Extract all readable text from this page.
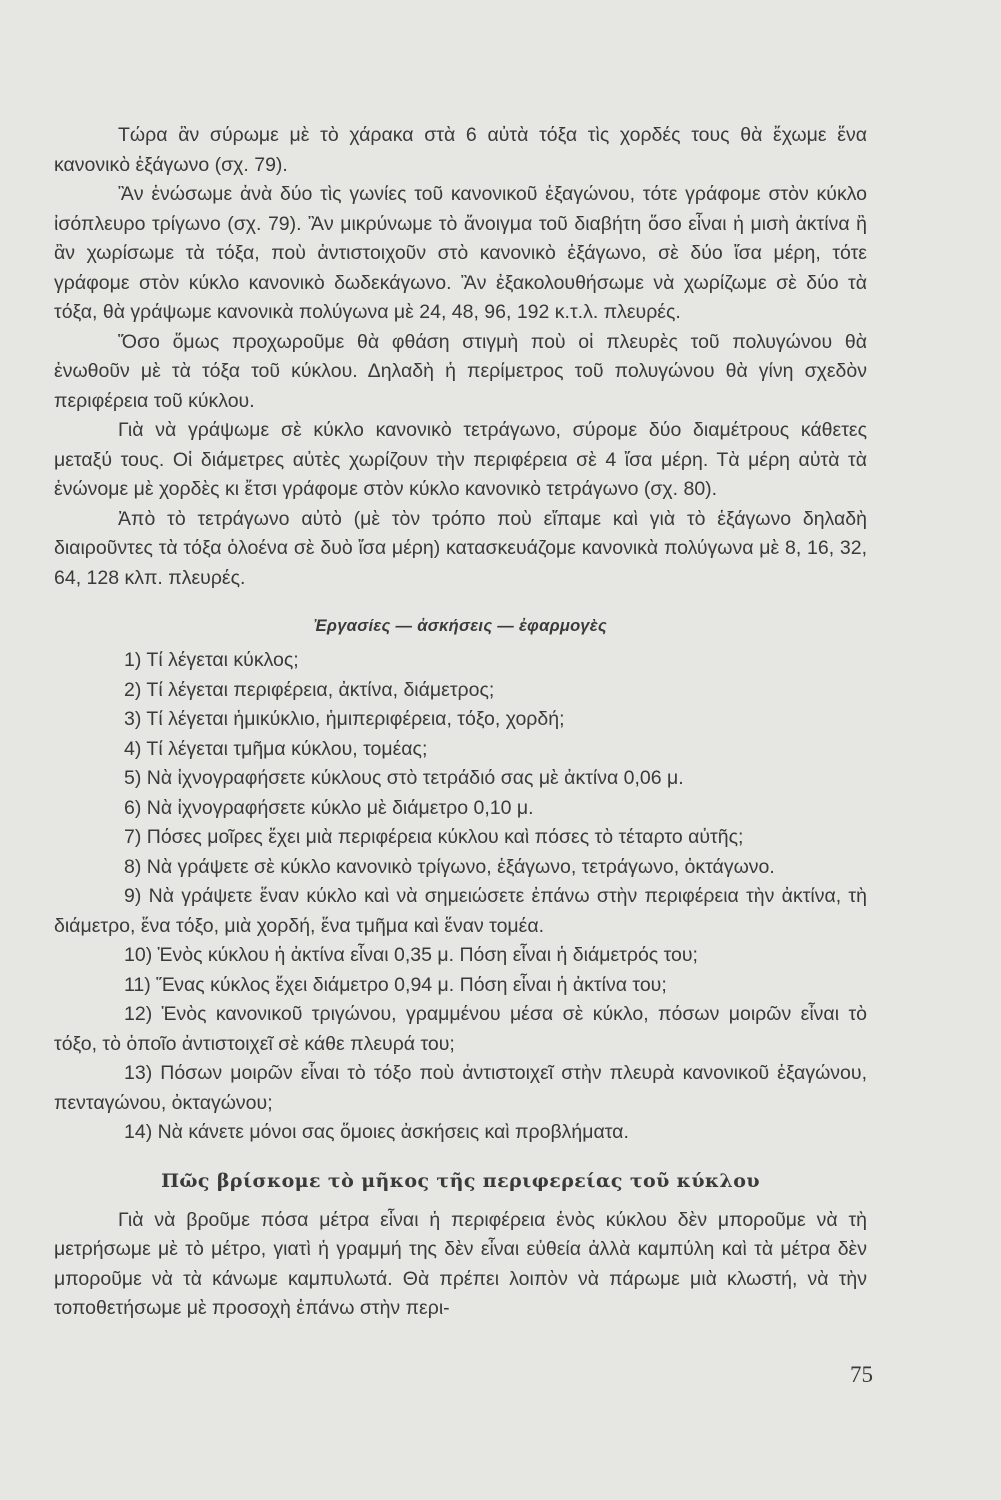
Τώρα ἂν σύρωμε μὲ τὸ χάρακα στὰ 6 αὐτὰ τόξα τὶς χορδές τους θὰ ἔχωμε ἕνα κανονικὸ ἑξάγωνο (σχ. 79).

Ἂν ἑνώσωμε ἀνὰ δύο τὶς γωνίες τοῦ κανονικοῦ ἑξαγώνου, τότε γράφομε στὸν κύκλο ἰσόπλευρο τρίγωνο (σχ. 79). Ἂν μικρύνωμε τὸ ἄνοιγμα τοῦ διαβήτη ὅσο εἶναι ἡ μισὴ ἀκτίνα ἢ ἂν χωρίσωμε τὰ τόξα, ποὺ ἀντιστοιχοῦν στὸ κανονικὸ ἑξάγωνο, σὲ δύο ἴσα μέρη, τότε γράφομε στὸν κύκλο κανονικὸ δωδεκάγωνο. Ἂν ἐξακολουθήσωμε νὰ χωρίζωμε σὲ δύο τὰ τόξα, θὰ γράψωμε κανονικὰ πολύγωνα μὲ 24, 48, 96, 192 κ.τ.λ. πλευρές.

Ὅσο ὅμως προχωροῦμε θὰ φθάση στιγμὴ ποὺ οἱ πλευρὲς τοῦ πολυγώνου θὰ ἑνωθοῦν μὲ τὰ τόξα τοῦ κύκλου. Δηλαδὴ ἡ περίμετρος τοῦ πολυγώνου θὰ γίνη σχεδὸν περιφέρεια τοῦ κύκλου.

Γιὰ νὰ γράψωμε σὲ κύκλο κανονικὸ τετράγωνο, σύρομε δύο διαμέτρους κάθετες μεταξύ τους. Οἱ διάμετρες αὐτὲς χωρίζουν τὴν περιφέρεια σὲ 4 ἴσα μέρη. Τὰ μέρη αὐτὰ τὰ ἑνώνομε μὲ χορδὲς κι ἔτσι γράφομε στὸν κύκλο κανονικὸ τετράγωνο (σχ. 80).

Ἀπὸ τὸ τετράγωνο αὐτὸ (μὲ τὸν τρόπο ποὺ εἴπαμε καὶ γιὰ τὸ ἑξάγωνο δηλαδὴ διαιροῦντες τὰ τόξα ὁλοένα σὲ δυὸ ἴσα μέρη) κατασκευάζομε κανονικὰ πολύγωνα μὲ 8, 16, 32, 64, 128 κλπ. πλευρές.

Ἐργασίες — ἀσκήσεις — ἐφαρμογὲς

1) Τί λέγεται κύκλος;

2) Τί λέγεται περιφέρεια, ἀκτίνα, διάμετρος;

3) Τί λέγεται ἡμικύκλιο, ἡμιπεριφέρεια, τόξο, χορδή;

4) Τί λέγεται τμῆμα κύκλου, τομέας;

5) Νὰ ἰχνογραφήσετε κύκλους στὸ τετράδιό σας μὲ ἀκτίνα 0,06 μ.

6) Νὰ ἰχνογραφήσετε κύκλο μὲ διάμετρο 0,10 μ.

7) Πόσες μοῖρες ἔχει μιὰ περιφέρεια κύκλου καὶ πόσες τὸ τέταρτο αὐτῆς;

8) Νὰ γράψετε σὲ κύκλο κανονικὸ τρίγωνο, ἑξάγωνο, τετράγωνο, ὀκτάγωνο.

9) Νὰ γράψετε ἕναν κύκλο καὶ νὰ σημειώσετε ἐπάνω στὴν περιφέρεια τὴν ἀκτίνα, τὴ διάμετρο, ἕνα τόξο, μιὰ χορδή, ἕνα τμῆμα καὶ ἕναν τομέα.

10) Ἑνὸς κύκλου ἡ ἀκτίνα εἶναι 0,35 μ. Πόση εἶναι ἡ διάμετρός του;

11) Ἕνας κύκλος ἔχει διάμετρο 0,94 μ. Πόση εἶναι ἡ ἀκτίνα του;

12) Ἑνὸς κανονικοῦ τριγώνου, γραμμένου μέσα σὲ κύκλο, πόσων μοιρῶν εἶναι τὸ τόξο, τὸ ὁποῖο ἀντιστοιχεῖ σὲ κάθε πλευρά του;

13) Πόσων μοιρῶν εἶναι τὸ τόξο ποὺ ἀντιστοιχεῖ στὴν πλευρὰ κανονικοῦ ἑξαγώνου, πενταγώνου, ὀκταγώνου;

14) Νὰ κάνετε μόνοι σας ὅμοιες ἀσκήσεις καὶ προβλήματα.

Πῶς βρίσκομε τὸ μῆκος τῆς περιφερείας τοῦ κύκλου

Γιὰ νὰ βροῦμε πόσα μέτρα εἶναι ἡ περιφέρεια ἑνὸς κύκλου δὲν μποροῦμε νὰ τὴ μετρήσωμε μὲ τὸ μέτρο, γιατὶ ἡ γραμμή της δὲν εἶναι εὐθεία ἀλλὰ καμπύλη καὶ τὰ μέτρα δὲν μποροῦμε νὰ τὰ κάνωμε καμπυλωτά. Θὰ πρέπει λοιπὸν νὰ πάρωμε μιὰ κλωστή, νὰ τὴν τοποθετήσωμε μὲ προσοχὴ ἐπάνω στὴν περι-

75
